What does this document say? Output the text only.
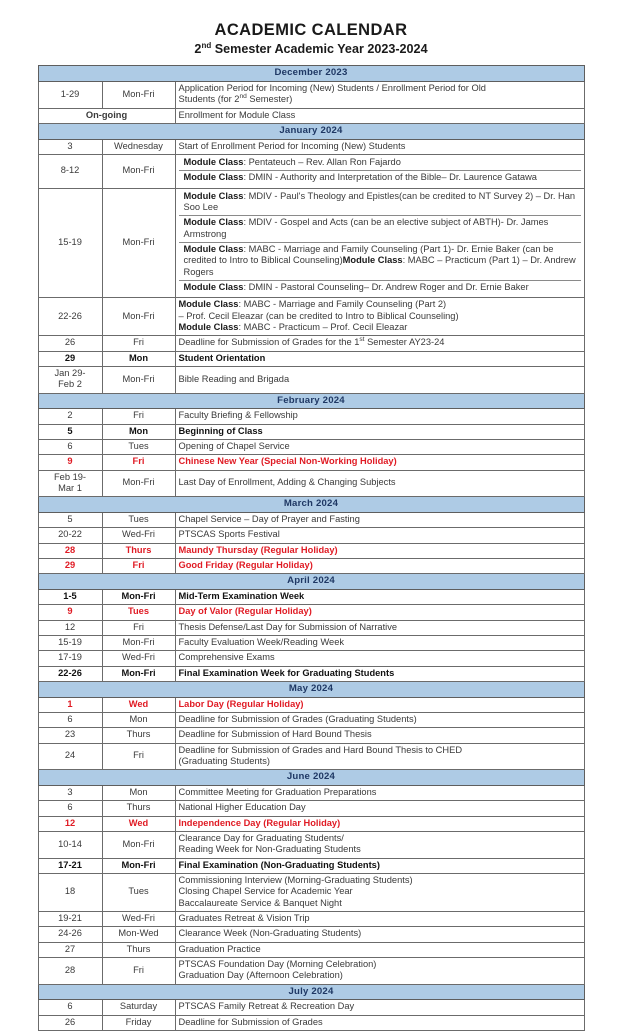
ACADEMIC CALENDAR
2nd Semester Academic Year 2023-2024
December 2023
1-29	Mon-Fri	
Application Period for Incoming (New) Students / Enrollment Period for Old
Students (for 2nd Semester)

On-going	Enrollment for Module Class

January 2024
3	Wednesday	Start of Enrollment Period for Incoming (New) Students

8-12	Mon-Fri	
Module Class: Pentateuch – Rev. Allan Ron Fajardo
Module Class: DMIN - Authority and Interpretation of the Bible– Dr. Laurence Gatawa

15-19	Mon-Fri	
Module Class: MDIV - Paul's Theology and Epistles(can be credited to NT Survey 2) – Dr. Han Soo Lee
Module Class: MDIV - Gospel and Acts (can be an elective subject of ABTH)- Dr. James Armstrong
Module Class: MABC - Marriage and Family Counseling (Part 1)- Dr. Ernie Baker (can be credited to Intro to Biblical Counseling)Module Class: MABC – Practicum (Part 1) – Dr. Andrew Rogers
Module Class: DMIN - Pastoral Counseling– Dr. Andrew Roger and Dr. Ernie Baker

22-26	Mon-Fri	
Module Class: MABC - Marriage and Family Counseling (Part 2)
– Prof. Cecil Eleazar (can be credited to Intro to Biblical Counseling)
Module Class: MABC - Practicum – Prof. Cecil Eleazar

26	Fri	Deadline for Submission of Grades for the 1st Semester AY23-24

29	Mon	Student Orientation

Jan 29-
Feb 2	Mon-Fri	Bible Reading and Brigada

February 2024
2	Fri	Faculty Briefing & Fellowship

5	Mon	Beginning of Class

6	Tues	Opening of Chapel Service

9	Fri	Chinese New Year (Special Non-Working Holiday)

Feb 19-
Mar 1	Mon-Fri	Last Day of Enrollment, Adding & Changing Subjects

March 2024
5	Tues	Chapel Service – Day of Prayer and Fasting

20-22	Wed-Fri	PTSCAS Sports Festival

28	Thurs	Maundy Thursday (Regular Holiday)

29	Fri	Good Friday (Regular Holiday)

April 2024
1-5	Mon-Fri	Mid-Term Examination Week

9	Tues	Day of Valor (Regular Holiday)

12	Fri	Thesis Defense/Last Day for Submission of Narrative

15-19	Mon-Fri	Faculty Evaluation Week/Reading Week

17-19	Wed-Fri	Comprehensive Exams

22-26	Mon-Fri	Final Examination Week for Graduating Students

May 2024
1	Wed	Labor Day (Regular Holiday)

6	Mon	Deadline for Submission of Grades (Graduating Students)

23	Thurs	Deadline for Submission of Hard Bound Thesis

24	Fri	
Deadline for Submission of Grades and Hard Bound Thesis to CHED
(Graduating Students)

June 2024
3	Mon	Committee Meeting for Graduation Preparations

6	Thurs	National Higher Education Day

12	Wed	Independence Day (Regular Holiday)

10-14	Mon-Fri	
Clearance Day for Graduating Students/
Reading Week for Non-Graduating Students

17-21	Mon-Fri	Final Examination (Non-Graduating Students)

18	Tues	
Commissioning Interview (Morning-Graduating Students)
Closing Chapel Service for Academic Year
Baccalaureate Service & Banquet Night

19-21	Wed-Fri	Graduates Retreat & Vision Trip

24-26	Mon-Wed	Clearance Week (Non-Graduating Students)

27	Thurs	Graduation Practice

28	Fri	
PTSCAS Foundation Day (Morning Celebration)
Graduation Day (Afternoon Celebration)

July 2024
6	Saturday	PTSCAS Family Retreat & Recreation Day

26	Friday	Deadline for Submission of Grades
